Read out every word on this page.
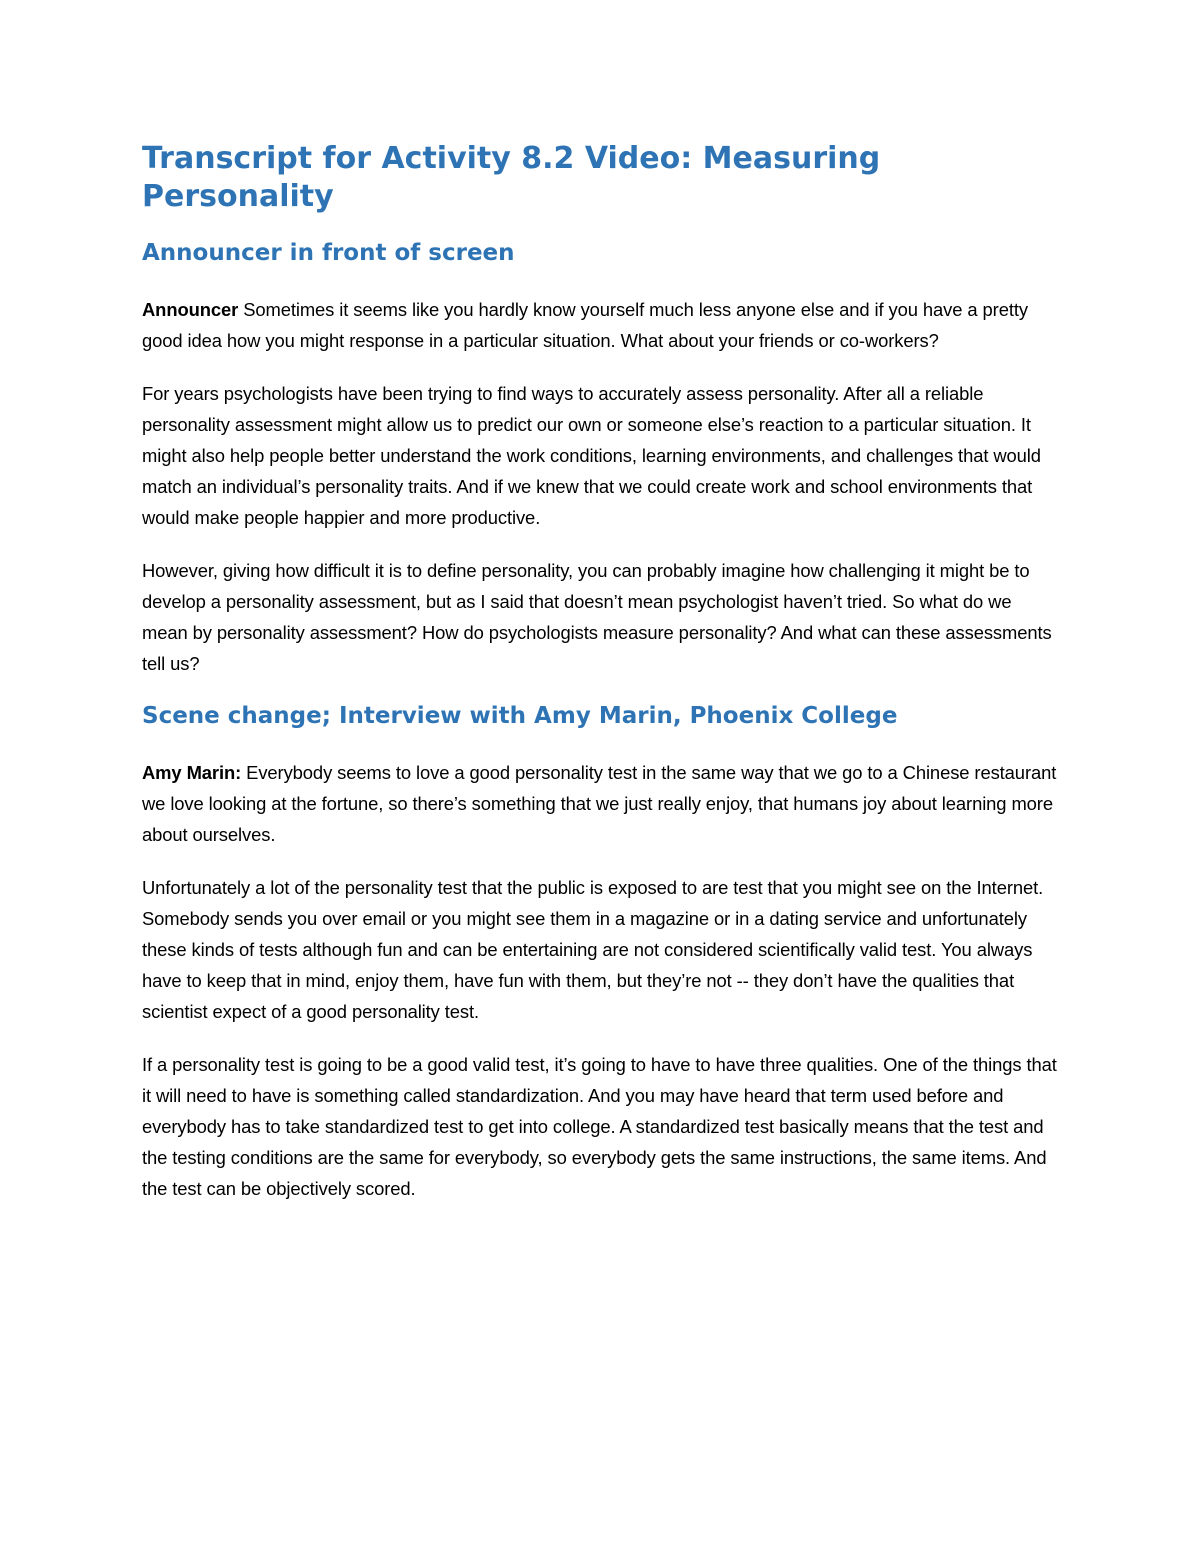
Transcript for Activity 8.2 Video: Measuring Personality
Announcer in front of screen

Announcer Sometimes it seems like you hardly know yourself much less anyone else and if you have a pretty good idea how you might response in a particular situation. What about your friends or co-workers?

For years psychologists have been trying to find ways to accurately assess personality. After all a reliable personality assessment might allow us to predict our own or someone else’s reaction to a particular situation. It might also help people better understand the work conditions, learning environments, and challenges that would match an individual’s personality traits. And if we knew that we could create work and school environments that would make people happier and more productive.

However, giving how difficult it is to define personality, you can probably imagine how challenging it might be to develop a personality assessment, but as I said that doesn’t mean psychologist haven’t tried. So what do we mean by personality assessment? How do psychologists measure personality? And what can these assessments tell us?

Scene change; Interview with Amy Marin, Phoenix College

Amy Marin: Everybody seems to love a good personality test in the same way that we go to a Chinese restaurant we love looking at the fortune, so there’s something that we just really enjoy, that humans joy about learning more about ourselves.

Unfortunately a lot of the personality test that the public is exposed to are test that you might see on the Internet. Somebody sends you over email or you might see them in a magazine or in a dating service and unfortunately these kinds of tests although fun and can be entertaining are not considered scientifically valid test. You always have to keep that in mind, enjoy them, have fun with them, but they’re not -- they don’t have the qualities that scientist expect of a good personality test.

If a personality test is going to be a good valid test, it’s going to have to have three qualities. One of the things that it will need to have is something called standardization. And you may have heard that term used before and everybody has to take standardized test to get into college. A standardized test basically means that the test and the testing conditions are the same for everybody, so everybody gets the same instructions, the same items. And the test can be objectively scored.
